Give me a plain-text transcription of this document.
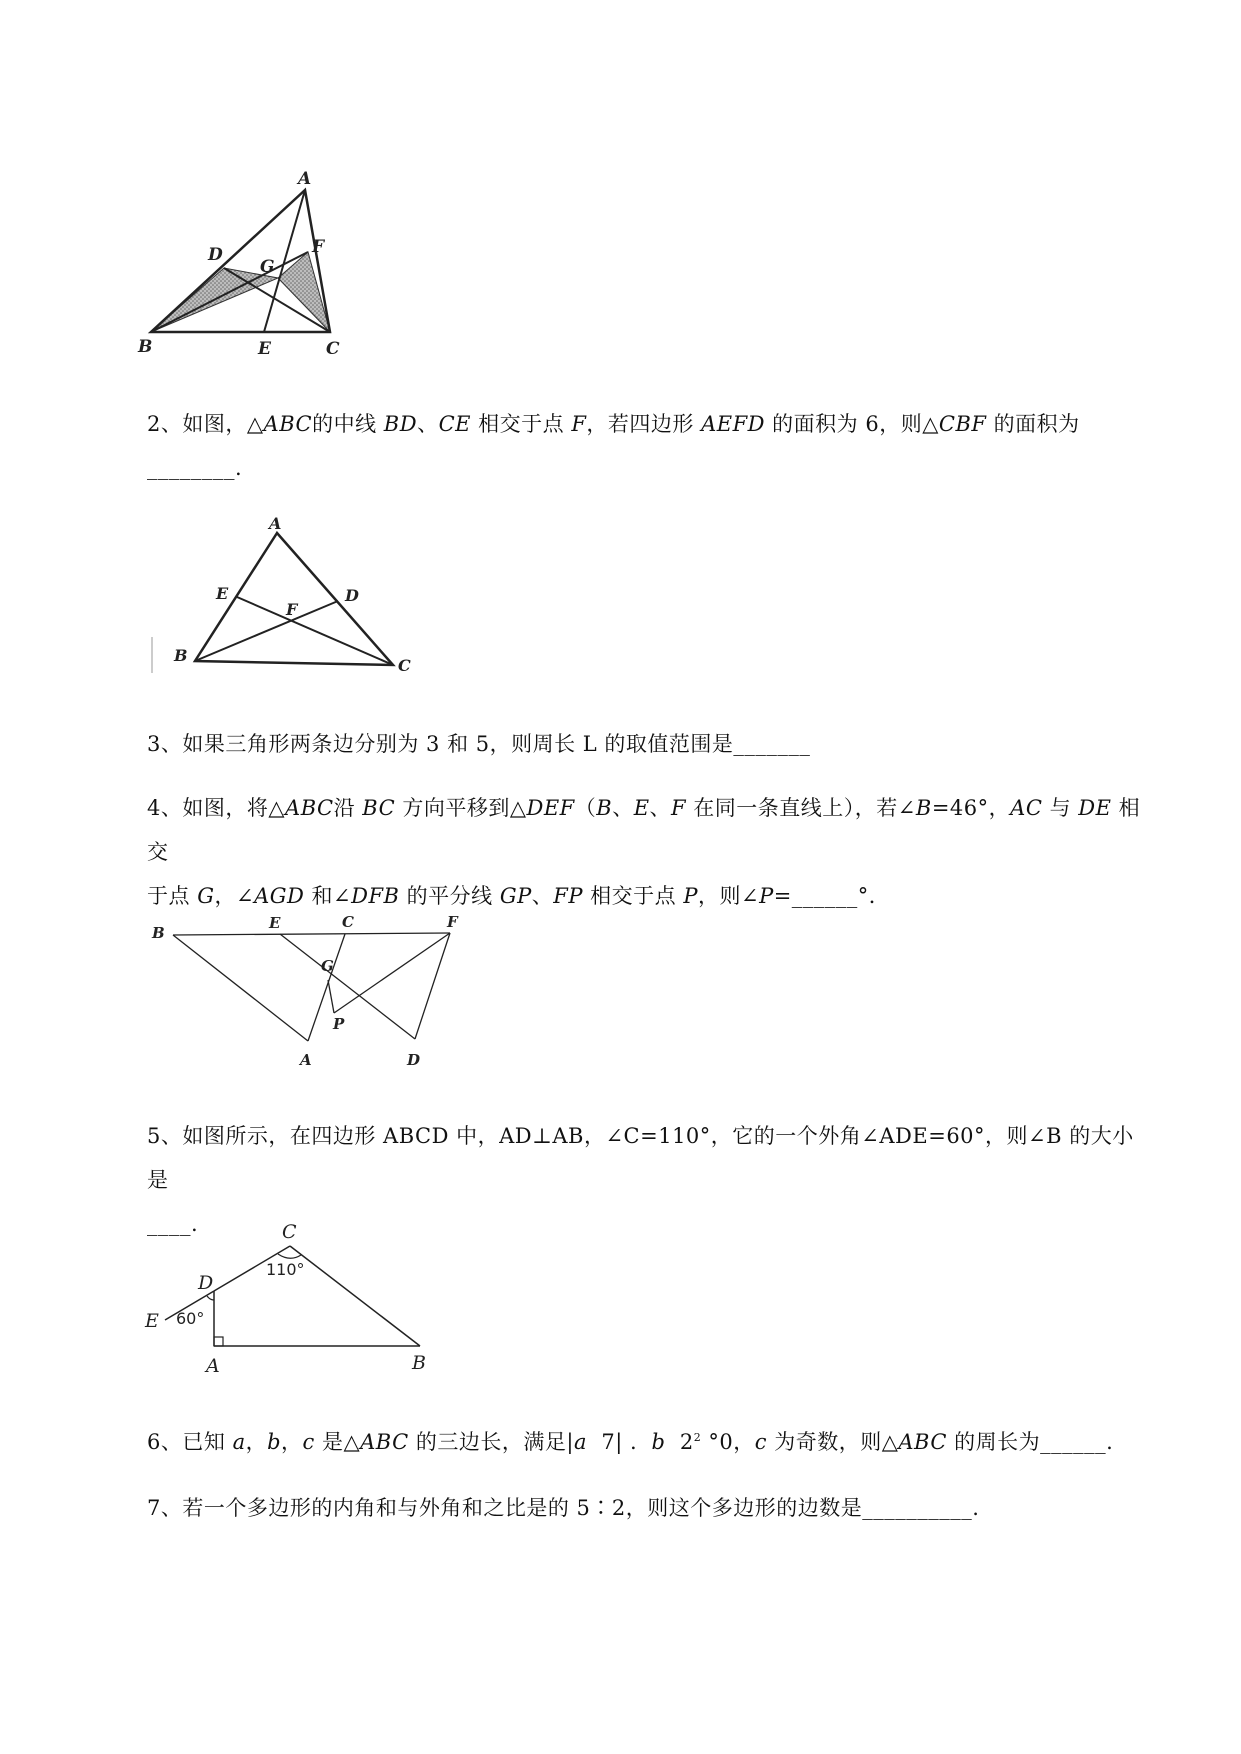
A
B	C
D
E
F
G
2、如图，△ABC的中线 BD、CE 相交于点 F，若四边形 AEFD 的面积为 6，则△CBF 的面积为
________.
A
B
C
D
E
F
3、如果三角形两条边分别为 3 和 5，则周长 L 的取值范围是_______
4、如图，将△ABC沿 BC 方向平移到△DEF（B、E、F 在同一条直线上），若∠B=46°，AC 与 DE 相交
于点 G，∠AGD 和∠DFB 的平分线 GP、FP 相交于点 P，则∠P=______°．
B
E	C	F
G
P
A	D
5、如图所示，在四边形 ABCD 中，AD⊥AB，∠C=110°，它的一个外角∠ADE=60°，则∠B 的大小是
____.	C
D
E
A	B
110°
60°
6、已知 a，b，c 是△ABC 的三边长，满足|a 7| .  b $2^2$ °0，c 为奇数，则△ABC 的周长为______.
7、若一个多边形的内角和与外角和之比是的 5∶2，则这个多边形的边数是__________.
